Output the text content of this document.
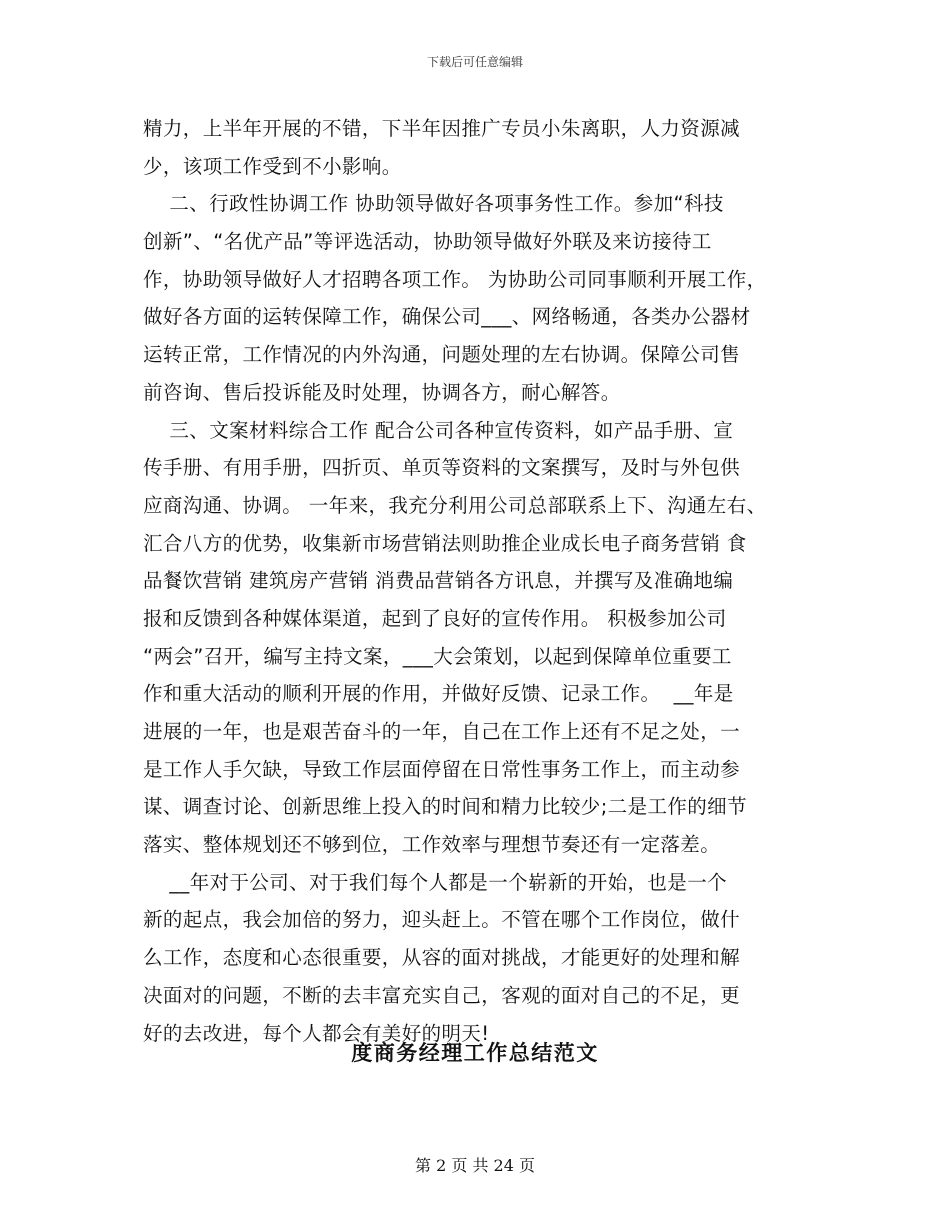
下载后可任意编辑
精力，上半年开展的不错，下半年因推广专员小朱离职，人力资源减
少，该项工作受到不小影响。
二、行政性协调工作 协助领导做好各项事务性工作。参加“科技
创新”、“名优产品”等评选活动，协助领导做好外联及来访接待工
作，协助领导做好人才招聘各项工作。 为协助公司同事顺利开展工作，
做好各方面的运转保障工作，确保公司___、网络畅通，各类办公器材
运转正常，工作情况的内外沟通，问题处理的左右协调。保障公司售
前咨询、售后投诉能及时处理，协调各方，耐心解答。
三、文案材料综合工作 配合公司各种宣传资料，如产品手册、宣
传手册、有用手册，四折页、单页等资料的文案撰写，及时与外包供
应商沟通、协调。 一年来，我充分利用公司总部联系上下、沟通左右、
汇合八方的优势，收集新市场营销法则助推企业成长电子商务营销 食
品餐饮营销 建筑房产营销 消费品营销各方讯息，并撰写及准确地编
报和反馈到各种媒体渠道，起到了良好的宣传作用。 积极参加公司
“两会”召开，编写主持文案，___大会策划，以起到保障单位重要工
作和重大活动的顺利开展的作用，并做好反馈、记录工作。  __年是
进展的一年，也是艰苦奋斗的一年，自己在工作上还有不足之处，一
是工作人手欠缺，导致工作层面停留在日常性事务工作上，而主动参
谋、调查讨论、创新思维上投入的时间和精力比较少;二是工作的细节
落实、整体规划还不够到位，工作效率与理想节奏还有一定落差。
__年对于公司、对于我们每个人都是一个崭新的开始，也是一个
新的起点，我会加倍的努力，迎头赶上。不管在哪个工作岗位，做什
么工作，态度和心态很重要，从容的面对挑战，才能更好的处理和解
决面对的问题，不断的去丰富充实自己，客观的面对自己的不足，更
好的去改进，每个人都会有美好的明天!
度商务经理工作总结范文
第 2 页 共 24 页
